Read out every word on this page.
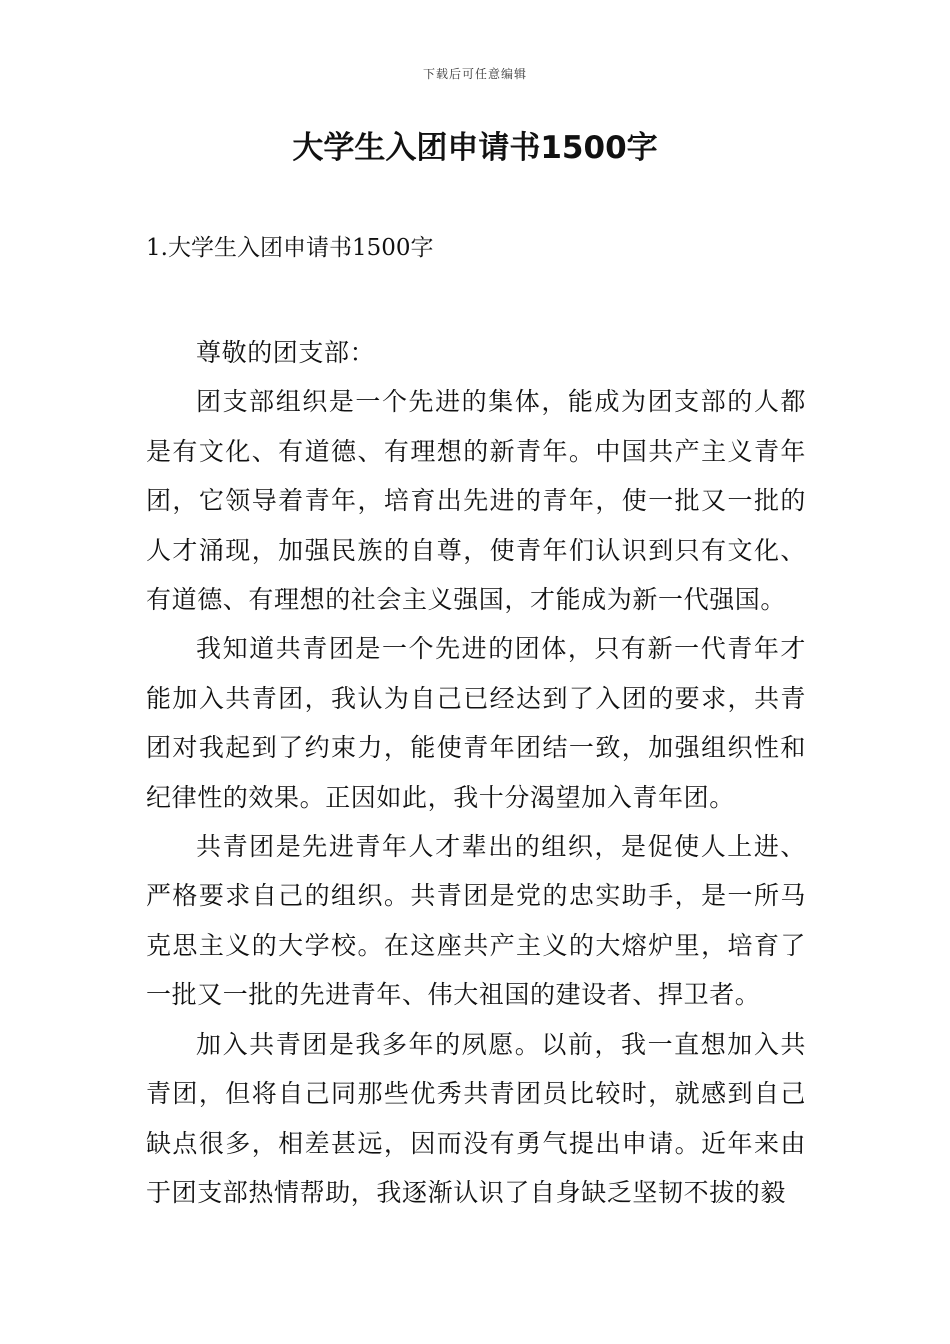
下载后可任意编辑
大学生入团申请书1500字
1.大学生入团申请书1500字

尊敬的团支部：

团支部组织是一个先进的集体，能成为团支部的人都是有文化、有道德、有理想的新青年。中国共产主义青年团，它领导着青年，培育出先进的青年，使一批又一批的人才涌现，加强民族的自尊，使青年们认识到只有文化、有道德、有理想的社会主义强国，才能成为新一代强国。

我知道共青团是一个先进的团体，只有新一代青年才能加入共青团，我认为自己已经达到了入团的要求，共青团对我起到了约束力，能使青年团结一致，加强组织性和纪律性的效果。正因如此，我十分渴望加入青年团。

共青团是先进青年人才辈出的组织，是促使人上进、严格要求自己的组织。共青团是党的忠实助手，是一所马克思主义的大学校。在这座共产主义的大熔炉里，培育了一批又一批的先进青年、伟大祖国的建设者、捍卫者。

加入共青团是我多年的夙愿。以前，我一直想加入共青团，但将自己同那些优秀共青团员比较时，就感到自己缺点很多，相差甚远，因而没有勇气提出申请。近年来由于团支部热情帮助，我逐渐认识了自身缺乏坚韧不拔的毅
